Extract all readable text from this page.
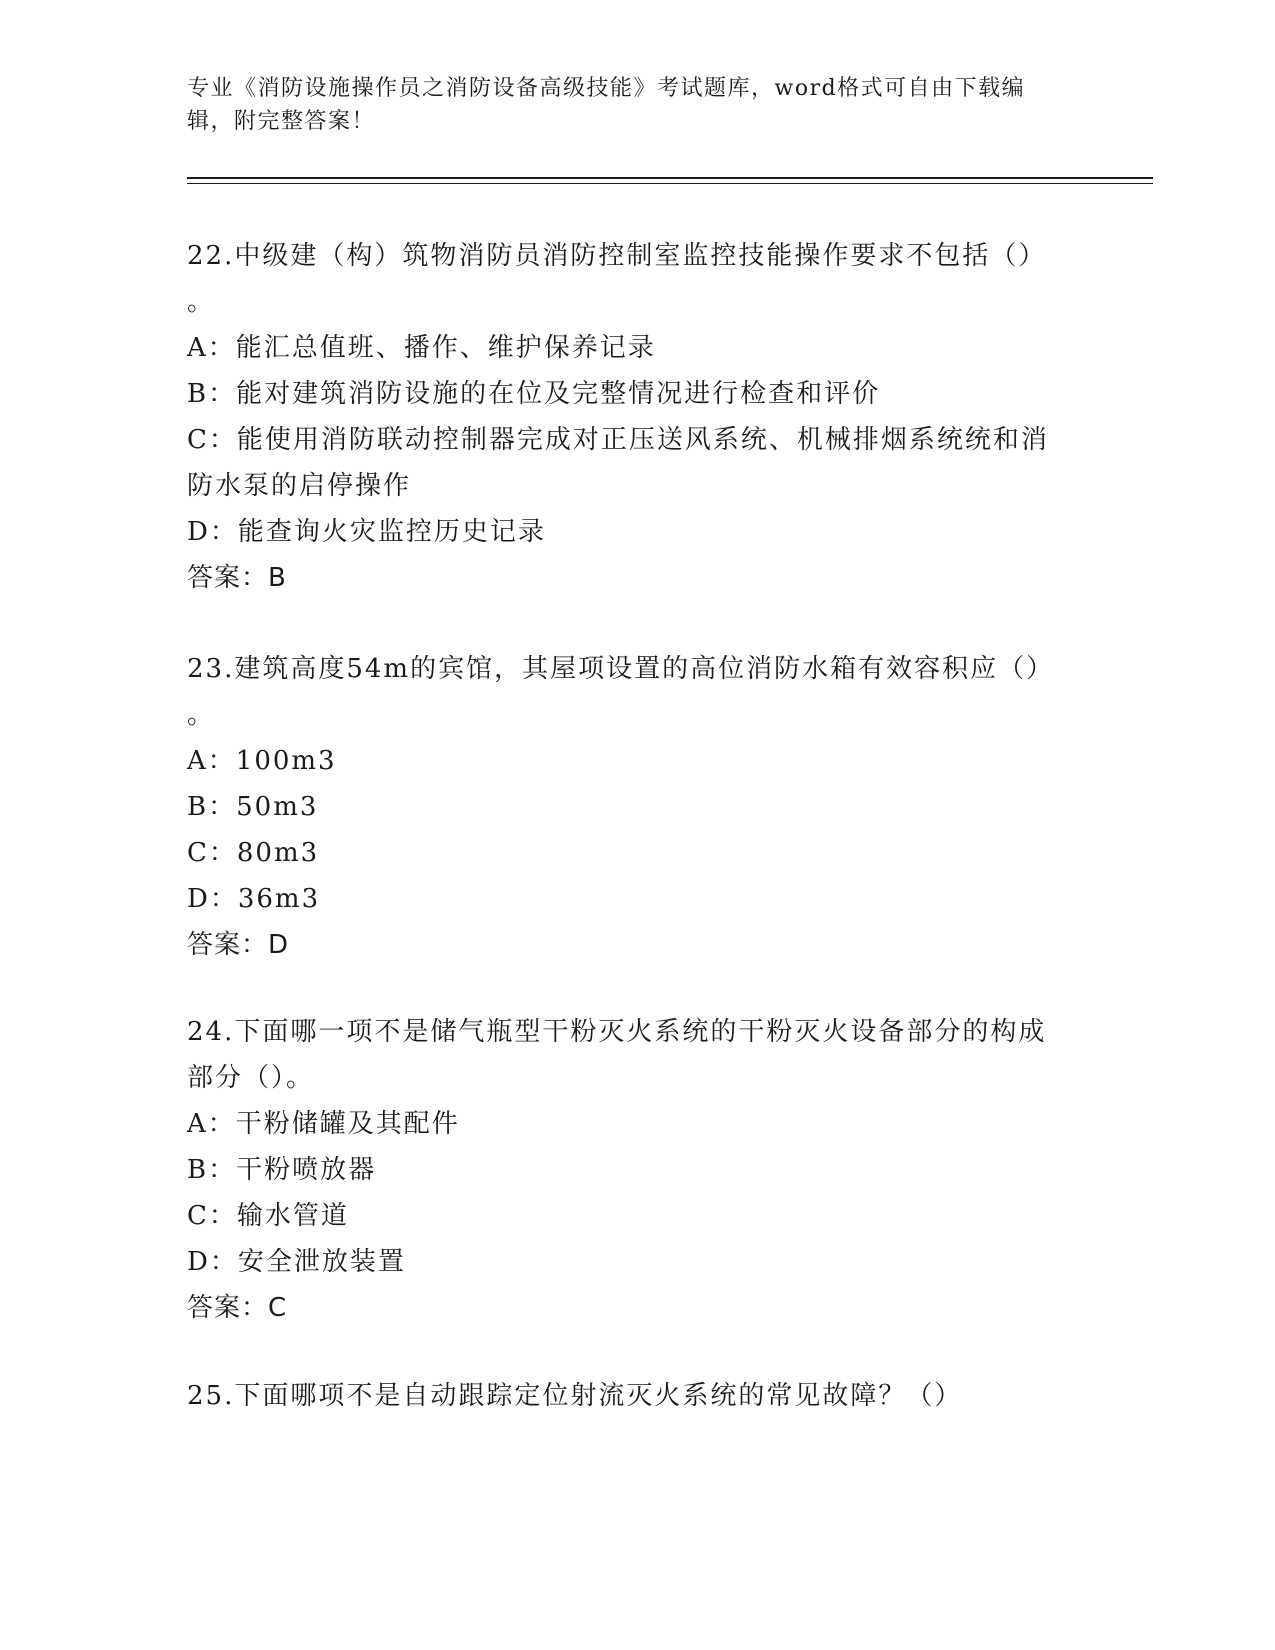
专业《消防设施操作员之消防设备高级技能》考试题库，word格式可自由下载编
辑，附完整答案！

22.中级建（构）筑物消防员消防控制室监控技能操作要求不包括（）

。

A：能汇总值班、播作、维护保养记录

B：能对建筑消防设施的在位及完整情况进行检查和评价

C：能使用消防联动控制器完成对正压送风系统、机械排烟系统统和消

防水泵的启停操作

D：能查询火灾监控历史记录

答案：B

23.建筑高度54m的宾馆，其屋项设置的高位消防水箱有效容积应（）

。

A：100m3

B：50m3

C：80m3

D：36m3

答案：D

24.下面哪一项不是储气瓶型干粉灭火系统的干粉灭火设备部分的构成

部分（）。

A：干粉储罐及其配件

B：干粉喷放器

C：输水管道

D：安全泄放装置

答案：C

25.下面哪项不是自动跟踪定位射流灭火系统的常见故障？（）
